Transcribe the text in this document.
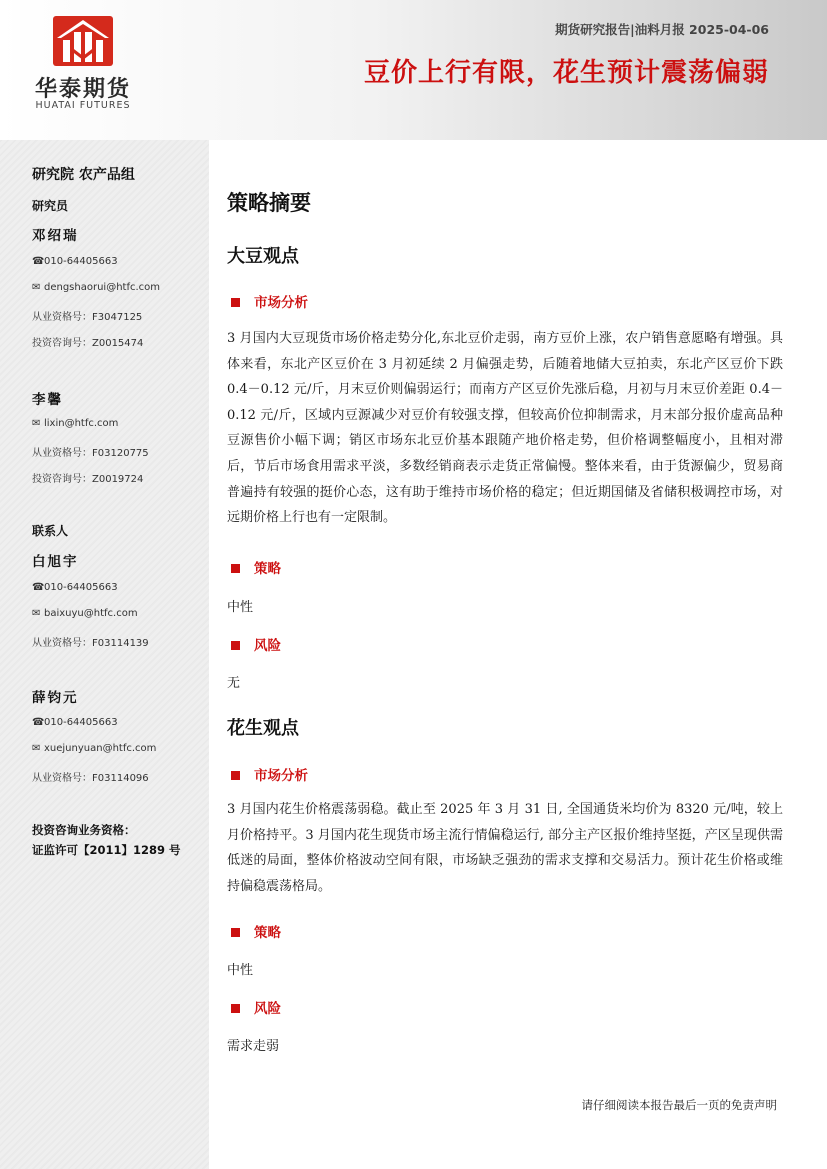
华泰期货
HUATAI FUTURES
期货研究报告|油料月报 2025-04-06
豆价上行有限，花生预计震荡偏弱
研究院 农产品组
研究员
邓绍瑞
☎010-64405663
✉ dengshaorui@htfc.com
从业资格号：F3047125
投资咨询号：Z0015474
李馨
✉ lixin@htfc.com
从业资格号：F03120775
投资咨询号：Z0019724
联系人
白旭宇
☎010-64405663
✉ baixuyu@htfc.com
从业资格号：F03114139
薛钧元
☎010-64405663
✉ xuejunyuan@htfc.com
从业资格号：F03114096
投资咨询业务资格：
证监许可【2011】1289 号
策略摘要
大豆观点
市场分析
3 月国内大豆现货市场价格走势分化,东北豆价走弱，南方豆价上涨，农户销售意愿略有增强。具体来看，东北产区豆价在 3 月初延续 2 月偏强走势，后随着地储大豆拍卖，东北产区豆价下跌 0.4－0.12 元/斤，月末豆价则偏弱运行；而南方产区豆价先涨后稳，月初与月末豆价差距 0.4－0.12 元/斤，区域内豆源减少对豆价有较强支撑，但较高价位抑制需求，月末部分报价虚高品种豆源售价小幅下调；销区市场东北豆价基本跟随产地价格走势，但价格调整幅度小，且相对滞后，节后市场食用需求平淡，多数经销商表示走货正常偏慢。整体来看，由于货源偏少，贸易商普遍持有较强的挺价心态，这有助于维持市场价格的稳定；但近期国储及省储积极调控市场，对远期价格上行也有一定限制。
策略
中性
风险
无
花生观点
市场分析
3 月国内花生价格震荡弱稳。截止至 2025 年 3 月 31 日, 全国通货米均价为 8320 元/吨，较上月价格持平。3 月国内花生现货市场主流行情偏稳运行, 部分主产区报价维持坚挺，产区呈现供需低迷的局面，整体价格波动空间有限，市场缺乏强劲的需求支撑和交易活力。预计花生价格或维持偏稳震荡格局。
策略
中性
风险
需求走弱
请仔细阅读本报告最后一页的免责声明
